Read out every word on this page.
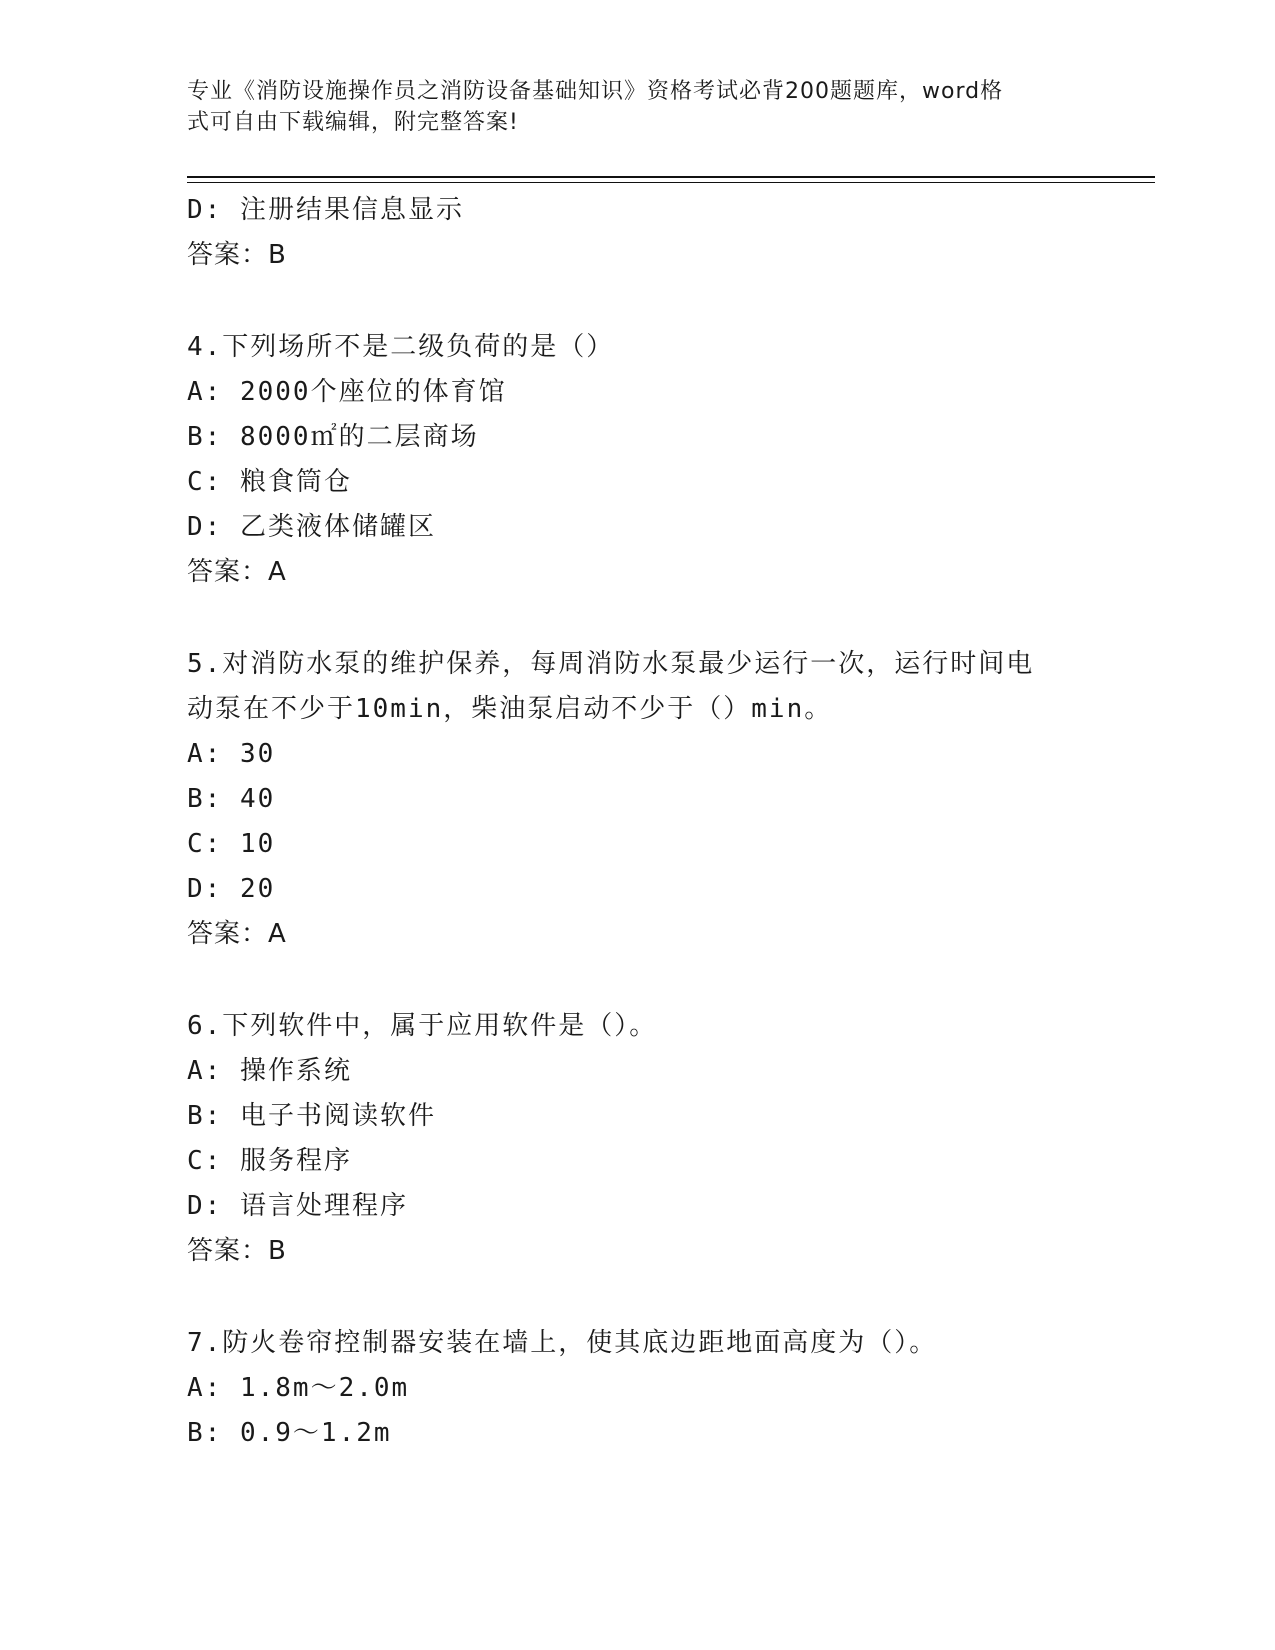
专业《消防设施操作员之消防设备基础知识》资格考试必背200题题库，word格
式可自由下载编辑，附完整答案!
D: 注册结果信息显示
答案：B
4.下列场所不是二级负荷的是（）
A: 2000个座位的体育馆
B: 8000㎡的二层商场
C: 粮食筒仓
D: 乙类液体储罐区
答案：A
5.对消防水泵的维护保养，每周消防水泵最少运行一次，运行时间电
动泵在不少于10min，柴油泵启动不少于（）min。
A: 30
B: 40
C: 10
D: 20
答案：A
6.下列软件中，属于应用软件是（）。
A: 操作系统
B: 电子书阅读软件
C: 服务程序
D: 语言处理程序
答案：B
7.防火卷帘控制器安装在墙上，使其底边距地面高度为（）。
A: 1.8m～2.0m
B: 0.9～1.2m
